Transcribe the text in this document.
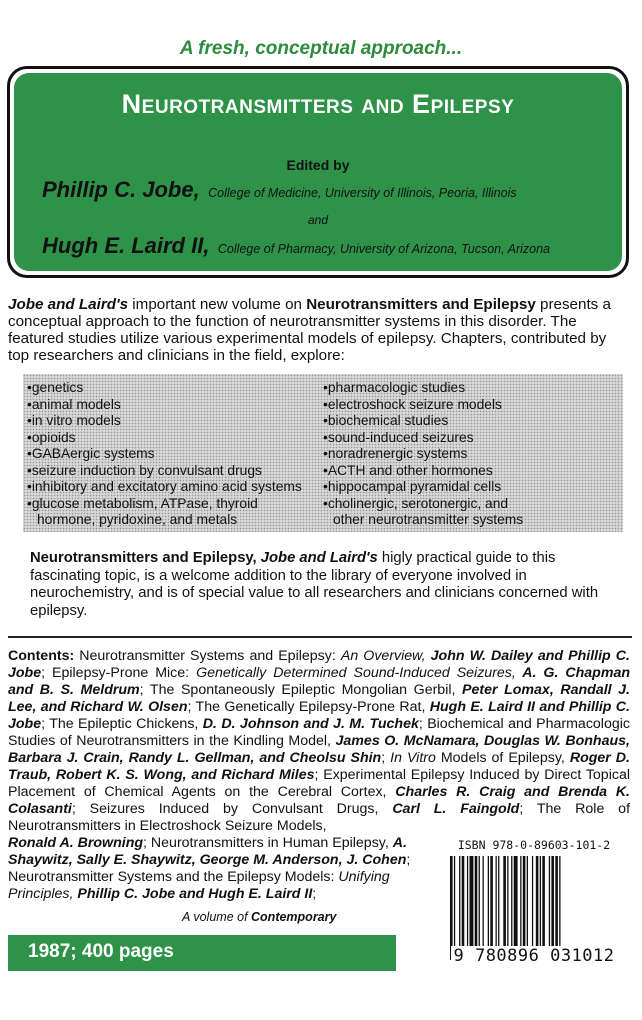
A fresh, conceptual approach...
Neurotransmitters and Epilepsy
Edited by
Phillip C. Jobe, College of Medicine, University of Illinois, Peoria, Illinois
and
Hugh E. Laird II, College of Pharmacy, University of Arizona, Tucson, Arizona

Jobe and Laird's important new volume on Neurotransmitters and Epilepsy presents a conceptual approach to the function of neurotransmitter systems in this disorder. The featured studies utilize various experimental models of epilepsy. Chapters, contributed by top researchers and clinicians in the field, explore:

• genetics
• animal models
• in vitro models
• opioids
• GABAergic systems
• seizure induction by convulsant drugs
• inhibitory and excitatory amino acid systems
• glucose metabolism, ATPase, thyroid
hormone, pyridoxine, and metals
• pharmacologic studies
• electroshock seizure models
• biochemical studies
• sound-induced seizures
• noradrenergic systems
• ACTH and other hormones
• hippocampal pyramidal cells
• cholinergic, serotonergic, and
other neurotransmitter systems

Neurotransmitters and Epilepsy, Jobe and Laird's higly practical guide to this fascinating topic, is a welcome addition to the library of everyone involved in neurochemistry, and is of special value to all researchers and clinicians concerned with epilepsy.

Contents: Neurotransmitter Systems and Epilepsy: An Overview, John W. Dailey and Phillip C. Jobe; Epilepsy-Prone Mice: Genetically Determined Sound-Induced Seizures, A. G. Chapman and B. S. Meldrum; The Spontaneously Epileptic Mongolian Gerbil, Peter Lomax, Randall J. Lee, and Richard W. Olsen; The Genetically Epilepsy-Prone Rat, Hugh E. Laird II and Phillip C. Jobe; The Epileptic Chickens, D. D. Johnson and J. M. Tuchek; Biochemical and Pharmacologic Studies of Neurotransmitters in the Kindling Model, James O. McNamara, Douglas W. Bonhaus, Barbara J. Crain, Randy L. Gellman, and Cheolsu Shin; In Vitro Models of Epilepsy, Roger D. Traub, Robert K. S. Wong, and Richard Miles; Experimental Epilepsy Induced by Direct Topical Placement of Chemical Agents on the Cerebral Cortex, Charles R. Craig and Brenda K. Colasanti; Seizures Induced by Convulsant Drugs, Carl L. Faingold; The Role of Neurotransmitters in Electroshock Seizure Models,
Ronald A. Browning; Neurotransmitters in Human Epilepsy, A. Shaywitz, Sally E. Shaywitz, George M. Anderson, J. Cohen; Neurotransmitter Systems and the Epilepsy Models: Unifying Principles, Phillip C. Jobe and Hugh E. Laird II;

ISBN 978-0-89603-101-2
9 780896 031012
A volume of Contemporary
1987; 400 pages
